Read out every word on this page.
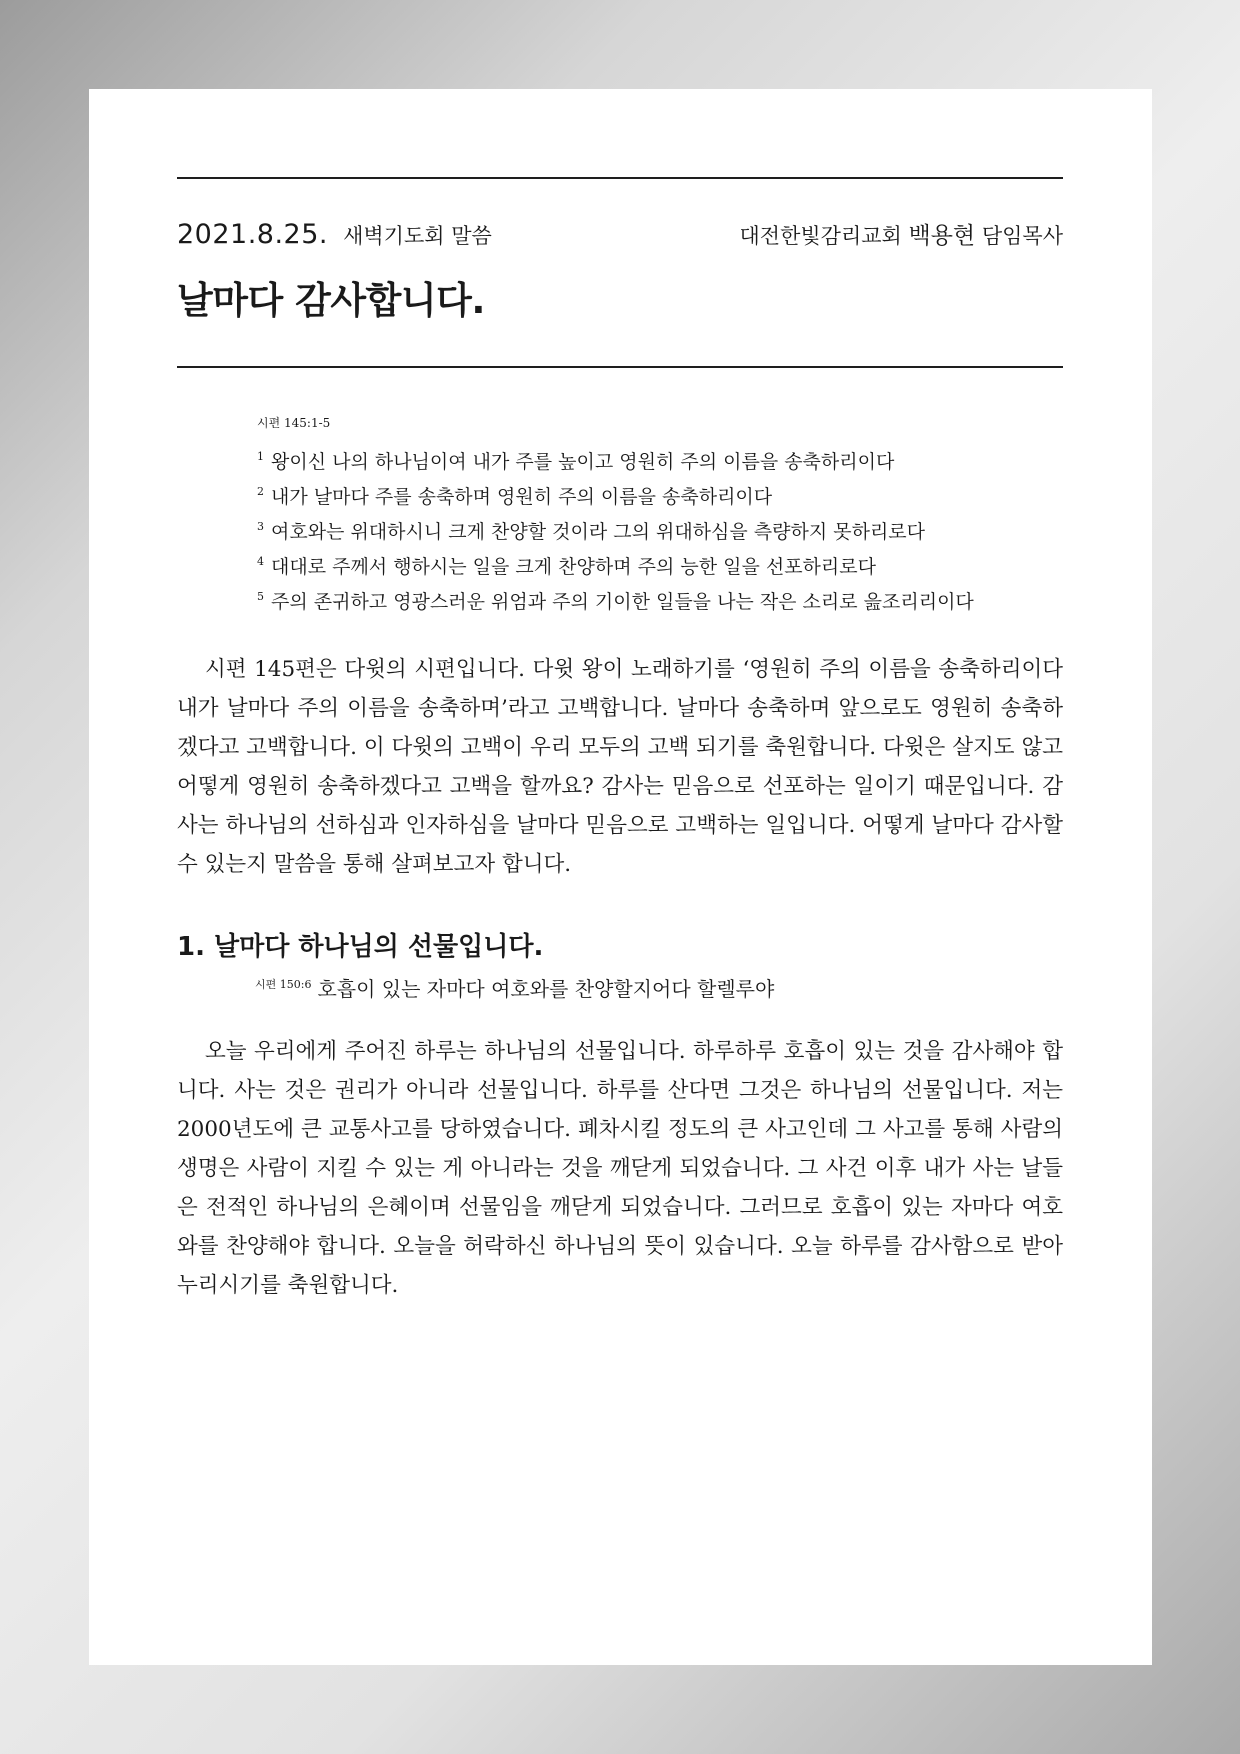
2021.8.25. 새벽기도회 말씀	대전한빛감리교회 백용현 담임목사
날마다 감사합니다.
시편 145:1-5
1 왕이신 나의 하나님이여 내가 주를 높이고 영원히 주의 이름을 송축하리이다
2 내가 날마다 주를 송축하며 영원히 주의 이름을 송축하리이다
3 여호와는 위대하시니 크게 찬양할 것이라 그의 위대하심을 측량하지 못하리로다
4 대대로 주께서 행하시는 일을 크게 찬양하며 주의 능한 일을 선포하리로다
5 주의 존귀하고 영광스러운 위엄과 주의 기이한 일들을 나는 작은 소리로 읊조리리이다

시편 145편은 다윗의 시편입니다. 다윗 왕이 노래하기를 ‘영원히 주의 이름을 송축하리이다 내가 날마다 주의 이름을 송축하며’라고 고백합니다. 날마다 송축하며 앞으로도 영원히 송축하겠다고 고백합니다. 이 다윗의 고백이 우리 모두의 고백 되기를 축원합니다. 다윗은 살지도 않고 어떻게 영원히 송축하겠다고 고백을 할까요? 감사는 믿음으로 선포하는 일이기 때문입니다. 감사는 하나님의 선하심과 인자하심을 날마다 믿음으로 고백하는 일입니다. 어떻게 날마다 감사할 수 있는지 말씀을 통해 살펴보고자 합니다.

1. 날마다 하나님의 선물입니다.
$^{시편 150:6}$ 호흡이 있는 자마다 여호와를 찬양할지어다 할렐루야

오늘 우리에게 주어진 하루는 하나님의 선물입니다. 하루하루 호흡이 있는 것을 감사해야 합니다. 사는 것은 권리가 아니라 선물입니다. 하루를 산다면 그것은 하나님의 선물입니다. 저는 2000년도에 큰 교통사고를 당하였습니다. 폐차시킬 정도의 큰 사고인데 그 사고를 통해 사람의 생명은 사람이 지킬 수 있는 게 아니라는 것을 깨닫게 되었습니다. 그 사건 이후 내가 사는 날들은 전적인 하나님의 은혜이며 선물임을 깨닫게 되었습니다. 그러므로 호흡이 있는 자마다 여호와를 찬양해야 합니다. 오늘을 허락하신 하나님의 뜻이 있습니다. 오늘 하루를 감사함으로 받아 누리시기를 축원합니다.
